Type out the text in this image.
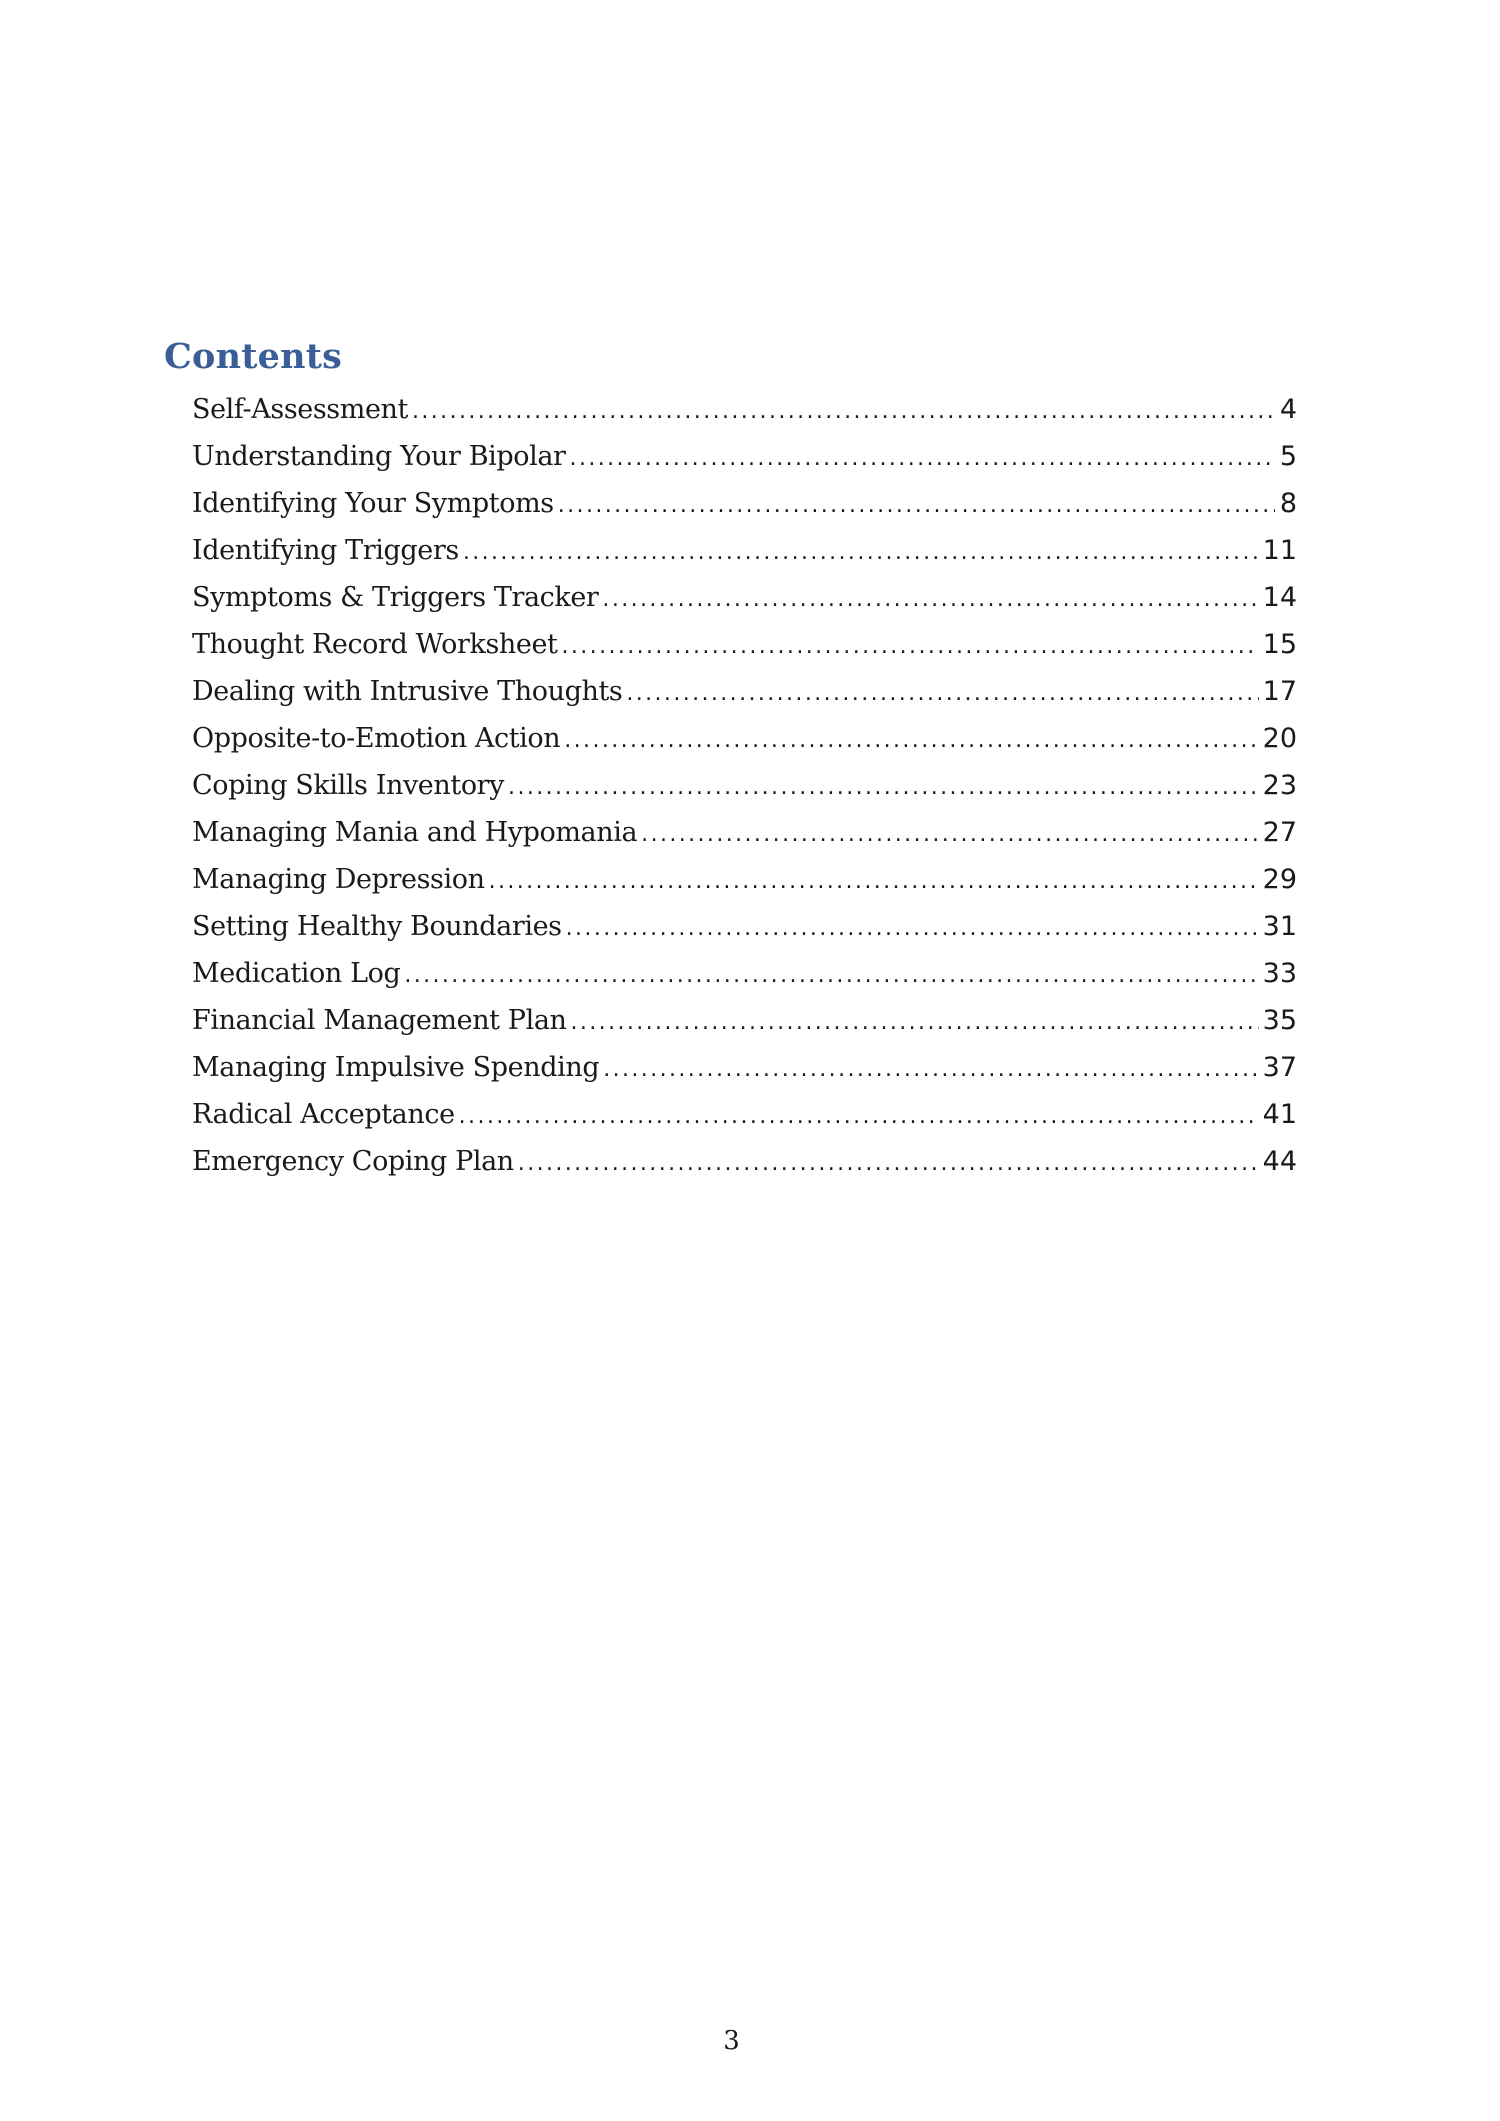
Contents
Self-Assessment .....	4
Understanding Your Bipolar .....	5
Identifying Your Symptoms .....	8
Identifying Triggers .....	11
Symptoms & Triggers Tracker .....	14
Thought Record Worksheet .....	15
Dealing with Intrusive Thoughts .....	17
Opposite-to-Emotion Action .....	20
Coping Skills Inventory .....	23
Managing Mania and Hypomania .....	27
Managing Depression .....	29
Setting Healthy Boundaries .....	31
Medication Log .....	33
Financial Management Plan .....	35
Managing Impulsive Spending .....	37
Radical Acceptance .....	41
Emergency Coping Plan .....	44
3
